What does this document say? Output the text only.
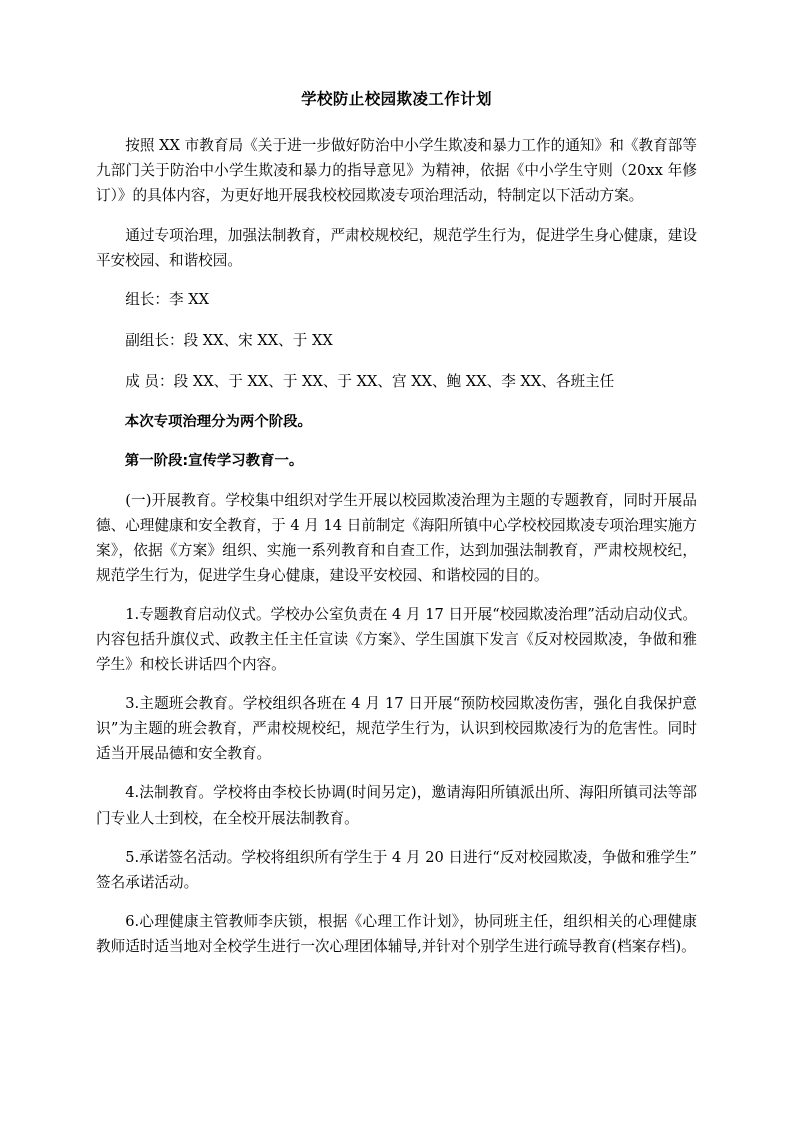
学校防止校园欺凌工作计划

按照 XX 市教育局《关于进一步做好防治中小学生欺凌和暴力工作的通知》和《教育部等九部门关于防治中小学生欺凌和暴力的指导意见》为精神，依据《中小学生守则（20xx 年修订）》的具体内容，为更好地开展我校校园欺凌专项治理活动，特制定以下活动方案。

通过专项治理，加强法制教育，严肃校规校纪，规范学生行为，促进学生身心健康，建设平安校园、和谐校园。

组长：李 XX

副组长：段 XX、宋 XX、于 XX

成 员：段 XX、于 XX、于 XX、于 XX、宫 XX、鲍 XX、李 XX、各班主任

本次专项治理分为两个阶段。

第一阶段:宣传学习教育一。

(一)开展教育。学校集中组织对学生开展以校园欺凌治理为主题的专题教育，同时开展品德、心理健康和安全教育，于 4 月 14 日前制定《海阳所镇中心学校校园欺凌专项治理实施方案》，依据《方案》组织、实施一系列教育和自查工作，达到加强法制教育，严肃校规校纪，规范学生行为，促进学生身心健康，建设平安校园、和谐校园的目的。

1.专题教育启动仪式。学校办公室负责在 4 月 17 日开展“校园欺凌治理”活动启动仪式。内容包括升旗仪式、政教主任主任宣读《方案》、学生国旗下发言《反对校园欺凌，争做和雅学生》和校长讲话四个内容。

3.主题班会教育。学校组织各班在 4 月 17 日开展“预防校园欺凌伤害，强化自我保护意识”为主题的班会教育，严肃校规校纪，规范学生行为，认识到校园欺凌行为的危害性。同时适当开展品德和安全教育。

4.法制教育。学校将由李校长协调(时间另定)，邀请海阳所镇派出所、海阳所镇司法等部门专业人士到校，在全校开展法制教育。

5.承诺签名活动。学校将组织所有学生于 4 月 20 日进行“反对校园欺凌，争做和雅学生”签名承诺活动。

6.心理健康主管教师李庆锁，根据《心理工作计划》，协同班主任，组织相关的心理健康教师适时适当地对全校学生进行一次心理团体辅导,并针对个别学生进行疏导教育(档案存档)。
